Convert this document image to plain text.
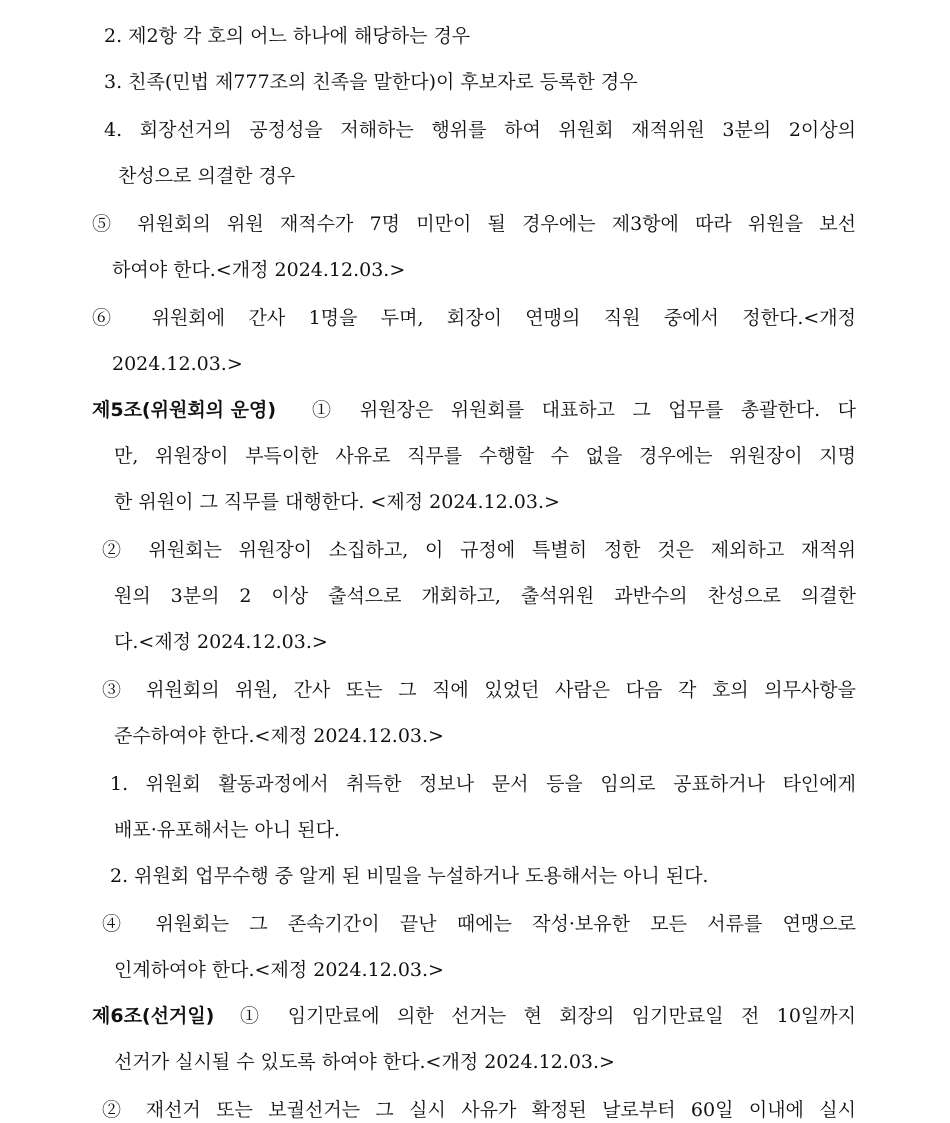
2. 제2항 각 호의 어느 하나에 해당하는 경우
3. 친족(민법 제777조의 친족을 말한다)이 후보자로 등록한 경우
4. 회장선거의 공정성을 저해하는 행위를 하여 위원회 재적위원 3분의 2이상의
찬성으로 의결한 경우
⑤ 위원회의 위원 재적수가 7명 미만이 될 경우에는 제3항에 따라 위원을 보선
하여야 한다.<개정 2024.12.03.>
⑥ 위원회에 간사 1명을 두며, 회장이 연맹의 직원 중에서 정한다.<개정
2024.12.03.>
제5조(위원회의 운영) ① 위원장은 위원회를 대표하고 그 업무를 총괄한다. 다
만, 위원장이 부득이한 사유로 직무를 수행할 수 없을 경우에는 위원장이 지명
한 위원이 그 직무를 대행한다. <제정 2024.12.03.>
② 위원회는 위원장이 소집하고, 이 규정에 특별히 정한 것은 제외하고 재적위
원의 3분의 2 이상 출석으로 개회하고, 출석위원 과반수의 찬성으로 의결한
다.<제정 2024.12.03.>
③ 위원회의 위원, 간사 또는 그 직에 있었던 사람은 다음 각 호의 의무사항을
준수하여야 한다.<제정 2024.12.03.>
1. 위원회 활동과정에서 취득한 정보나 문서 등을 임의로 공표하거나 타인에게
배포·유포해서는 아니 된다.
2. 위원회 업무수행 중 알게 된 비밀을 누설하거나 도용해서는 아니 된다.
④ 위원회는 그 존속기간이 끝난 때에는 작성·보유한 모든 서류를 연맹으로
인계하여야 한다.<제정 2024.12.03.>
제6조(선거일) ① 임기만료에 의한 선거는 현 회장의 임기만료일 전 10일까지
선거가 실시될 수 있도록 하여야 한다.<개정 2024.12.03.>
② 재선거 또는 보궐선거는 그 실시 사유가 확정된 날로부터 60일 이내에 실시
